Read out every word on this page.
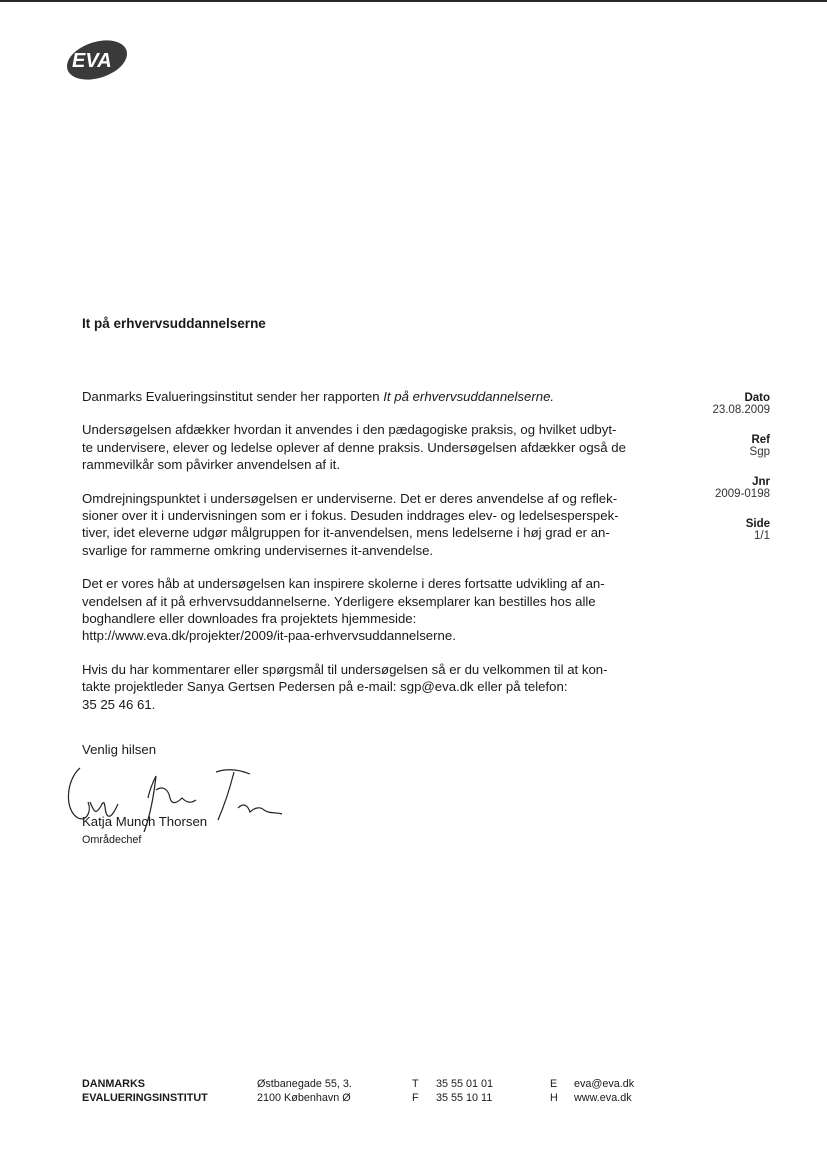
EVA
It på erhvervsuddannelserne

Danmarks Evalueringsinstitut sender her rapporten It på erhvervsuddannelserne.

Undersøgelsen afdækker hvordan it anvendes i den pædagogiske praksis, og hvilket udbyt-
te undervisere, elever og ledelse oplever af denne praksis. Undersøgelsen afdækker også de
rammevilkår som påvirker anvendelsen af it.

Omdrejningspunktet i undersøgelsen er underviserne. Det er deres anvendelse af og reflek-
sioner over it i undervisningen som er i fokus. Desuden inddrages elev- og ledelsesperspek-
tiver, idet eleverne udgør målgruppen for it-anvendelsen, mens ledelserne i høj grad er an-
svarlige for rammerne omkring undervisernes it-anvendelse.

Det er vores håb at undersøgelsen kan inspirere skolerne i deres fortsatte udvikling af an-
vendelsen af it på erhvervsuddannelserne. Yderligere eksemplarer kan bestilles hos alle
boghandlere eller downloades fra projektets hjemmeside:
http://www.eva.dk/projekter/2009/it-paa-erhvervsuddannelserne.

Hvis du har kommentarer eller spørgsmål til undersøgelsen så er du velkommen til at kon-
takte projektleder Sanya Gertsen Pedersen på e-mail: sgp@eva.dk eller på telefon:
35 25 46 61.

Dato
23.08.2009
Ref
Sgp
Jnr
2009-0198
Side
1/1
Venlig hilsen
Katja Munch Thorsen
Områdechef
DANMARKS
EVALUERINGSINSTITUT
Østbanegade 55, 3.
2100 København Ø
T 35 55 01 01
F 35 55 10 11
E eva@eva.dk
H www.eva.dk
